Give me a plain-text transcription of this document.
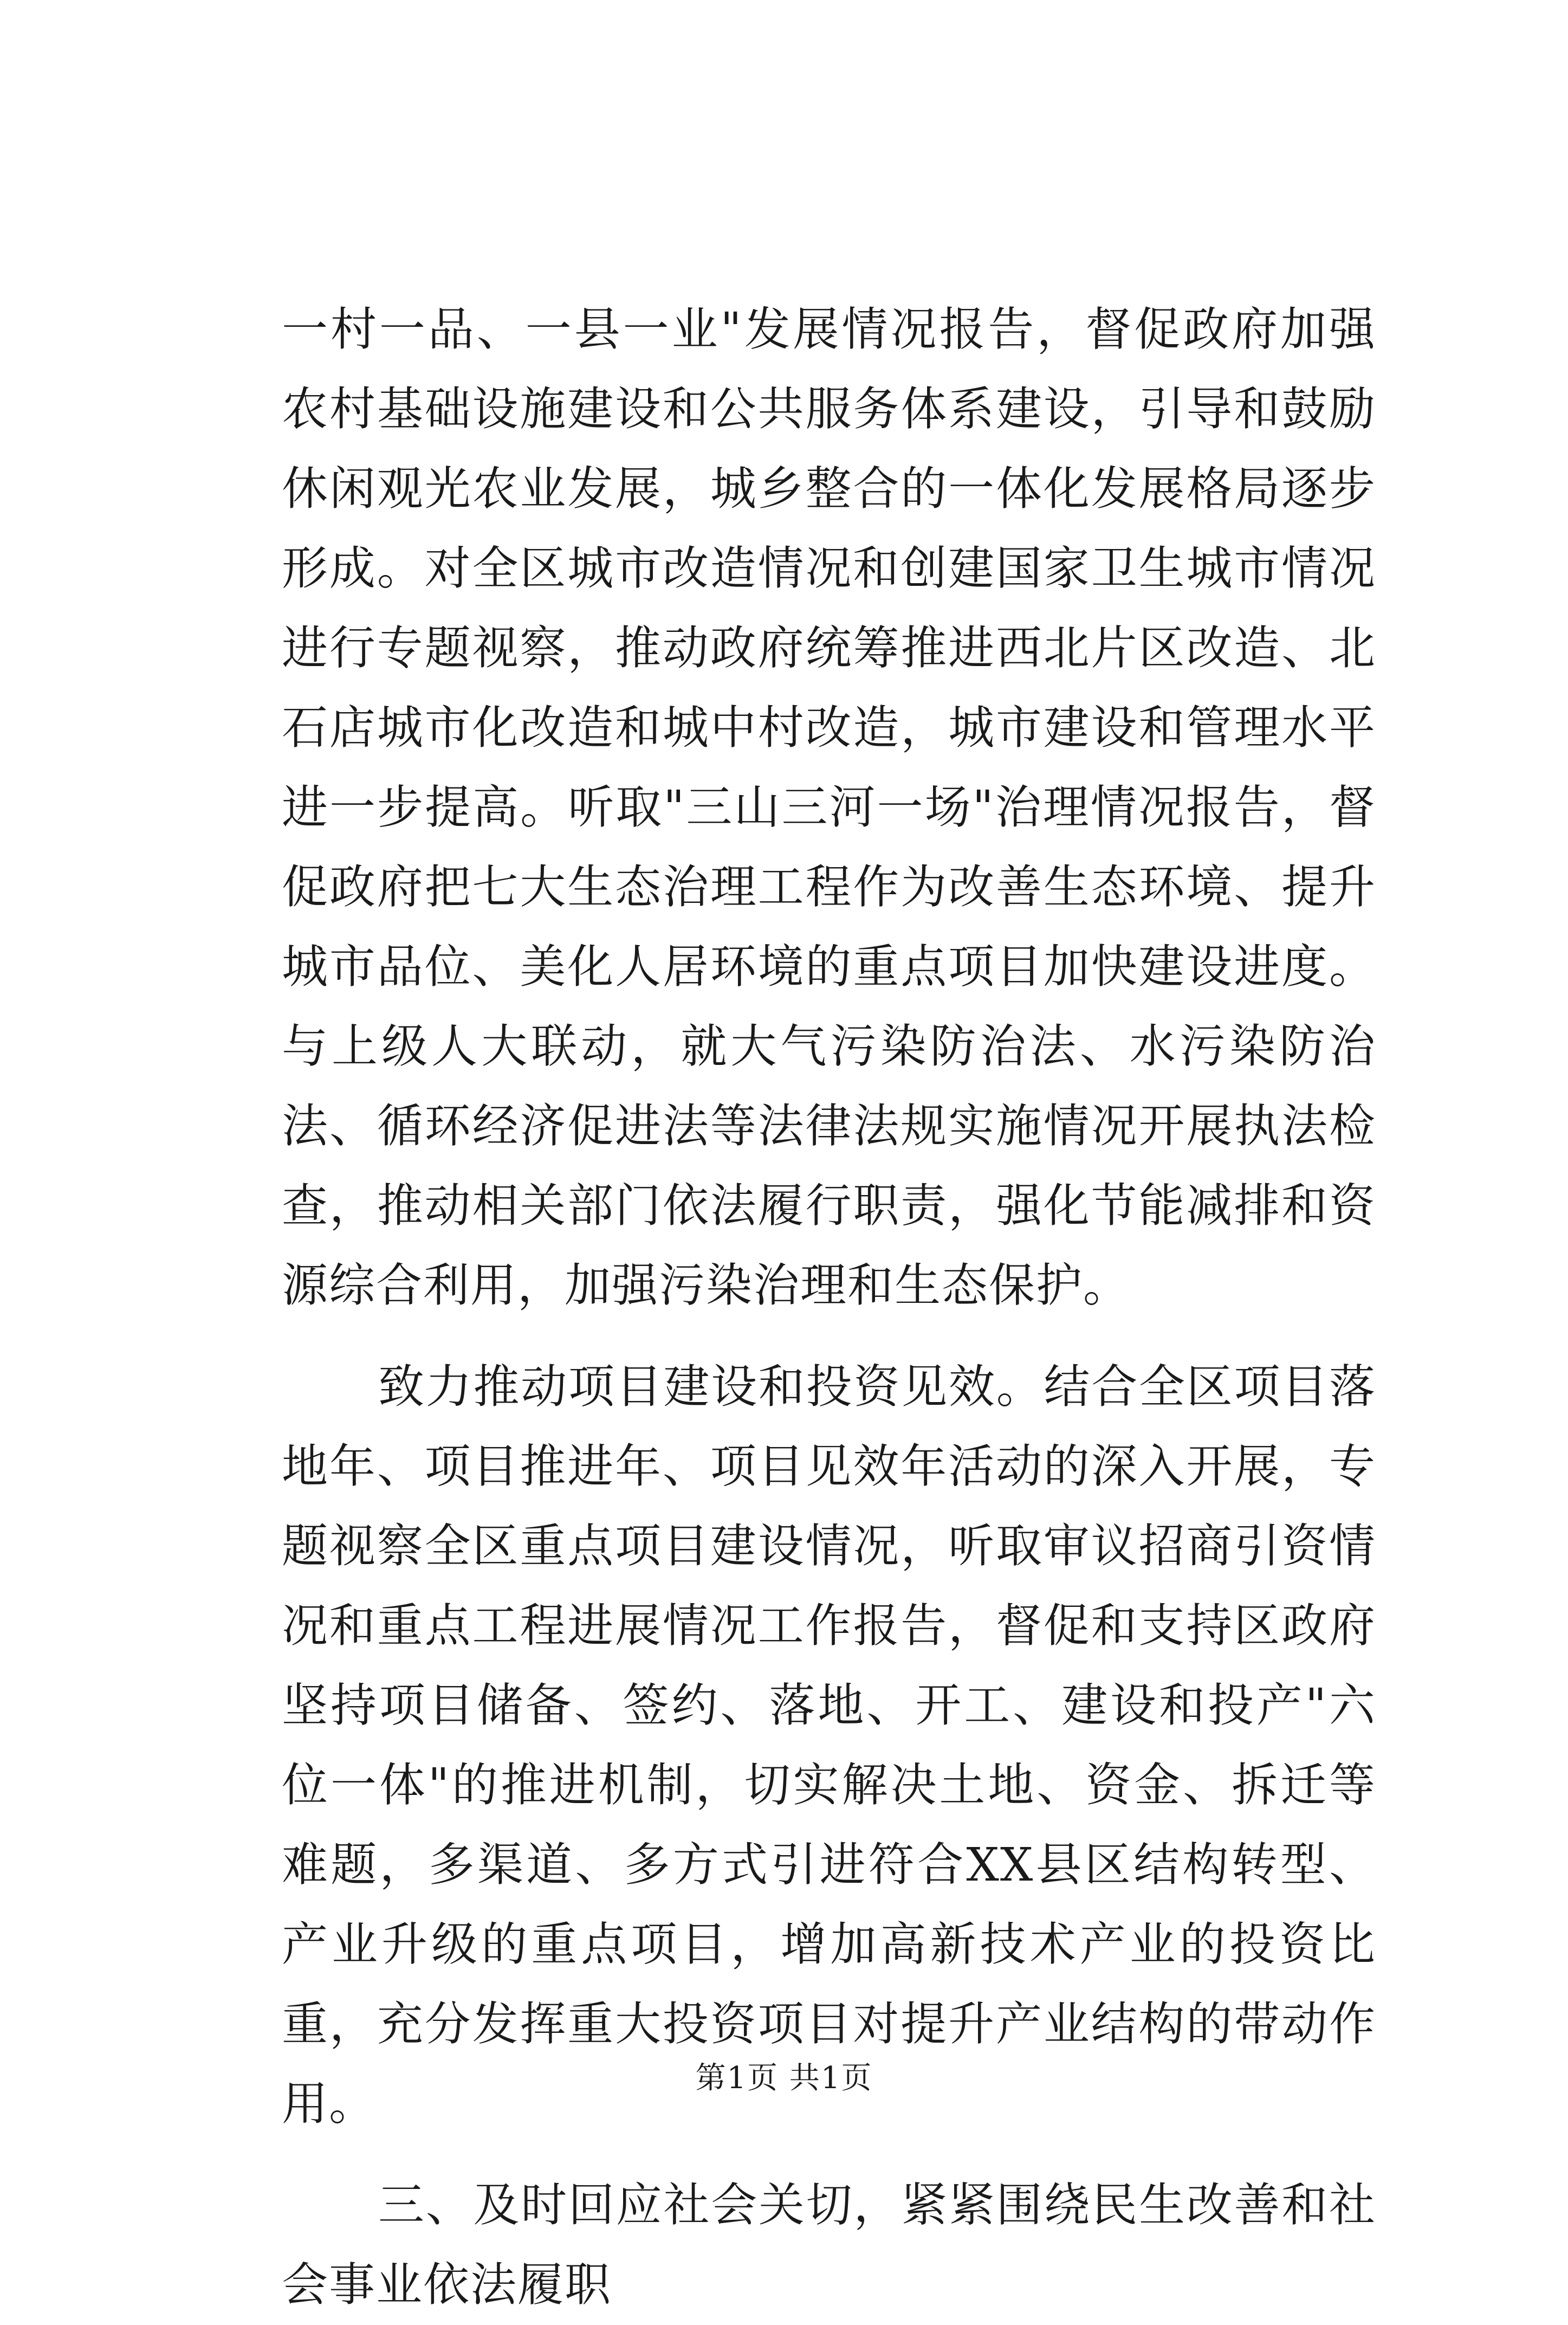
一村一品、一县一业"发展情况报告，督促政府加强农村基础设施建设和公共服务体系建设，引导和鼓励休闲观光农业发展，城乡整合的一体化发展格局逐步形成。对全区城市改造情况和创建国家卫生城市情况进行专题视察，推动政府统筹推进西北片区改造、北石店城市化改造和城中村改造，城市建设和管理水平进一步提高。听取"三山三河一场"治理情况报告，督促政府把七大生态治理工程作为改善生态环境、提升城市品位、美化人居环境的重点项目加快建设进度。与上级人大联动，就大气污染防治法、水污染防治法、循环经济促进法等法律法规实施情况开展执法检查，推动相关部门依法履行职责，强化节能减排和资源综合利用，加强污染治理和生态保护。

致力推动项目建设和投资见效。结合全区项目落地年、项目推进年、项目见效年活动的深入开展，专题视察全区重点项目建设情况，听取审议招商引资情况和重点工程进展情况工作报告，督促和支持区政府坚持项目储备、签约、落地、开工、建设和投产"六位一体"的推进机制，切实解决土地、资金、拆迁等难题，多渠道、多方式引进符合XX县区结构转型、产业升级的重点项目，增加高新技术产业的投资比重，充分发挥重大投资项目对提升产业结构的带动作用。

三、及时回应社会关切，紧紧围绕民生改善和社会事业依法履职

第1页 共1页
